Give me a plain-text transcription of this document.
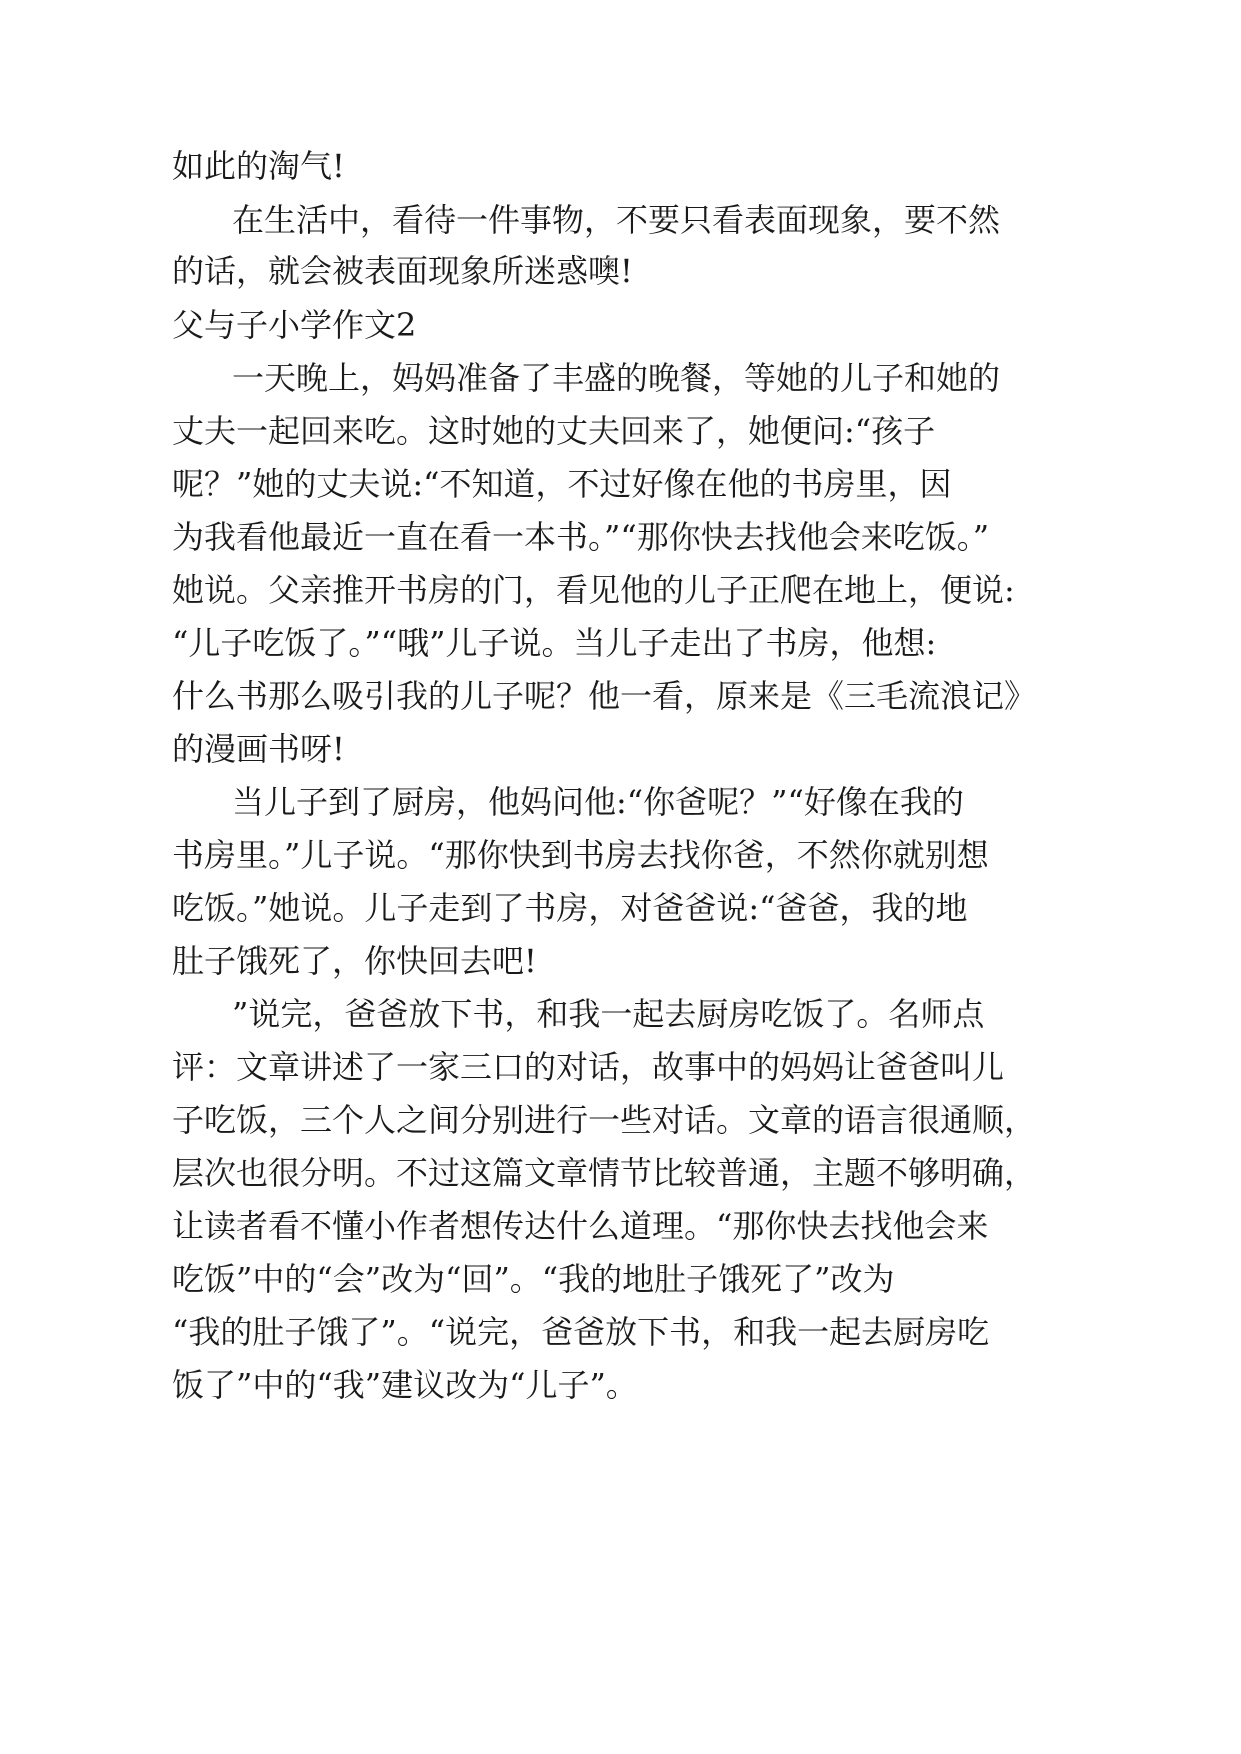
如此的淘气!
在生活中，看待一件事物，不要只看表面现象，要不然
的话，就会被表面现象所迷惑噢!
父与子小学作文2
一天晚上，妈妈准备了丰盛的晚餐，等她的儿子和她的
丈夫一起回来吃。这时她的丈夫回来了，她便问:“孩子
呢？”她的丈夫说:“不知道，不过好像在他的书房里，因
为我看他最近一直在看一本书。”“那你快去找他会来吃饭。”
她说。父亲推开书房的门，看见他的儿子正爬在地上，便说:
“儿子吃饭了。”“哦”儿子说。当儿子走出了书房，他想:
什么书那么吸引我的儿子呢？他一看，原来是《三毛流浪记》
的漫画书呀!
当儿子到了厨房，他妈问他:“你爸呢？”“好像在我的
书房里。”儿子说。“那你快到书房去找你爸，不然你就别想
吃饭。”她说。儿子走到了书房，对爸爸说:“爸爸，我的地
肚子饿死了，你快回去吧!
”说完，爸爸放下书，和我一起去厨房吃饭了。名师点
评：文章讲述了一家三口的对话，故事中的妈妈让爸爸叫儿
子吃饭，三个人之间分别进行一些对话。文章的语言很通顺，
层次也很分明。不过这篇文章情节比较普通，主题不够明确，
让读者看不懂小作者想传达什么道理。“那你快去找他会来
吃饭”中的“会”改为“回”。“我的地肚子饿死了”改为
“我的肚子饿了”。“说完，爸爸放下书，和我一起去厨房吃
饭了”中的“我”建议改为“儿子”。
